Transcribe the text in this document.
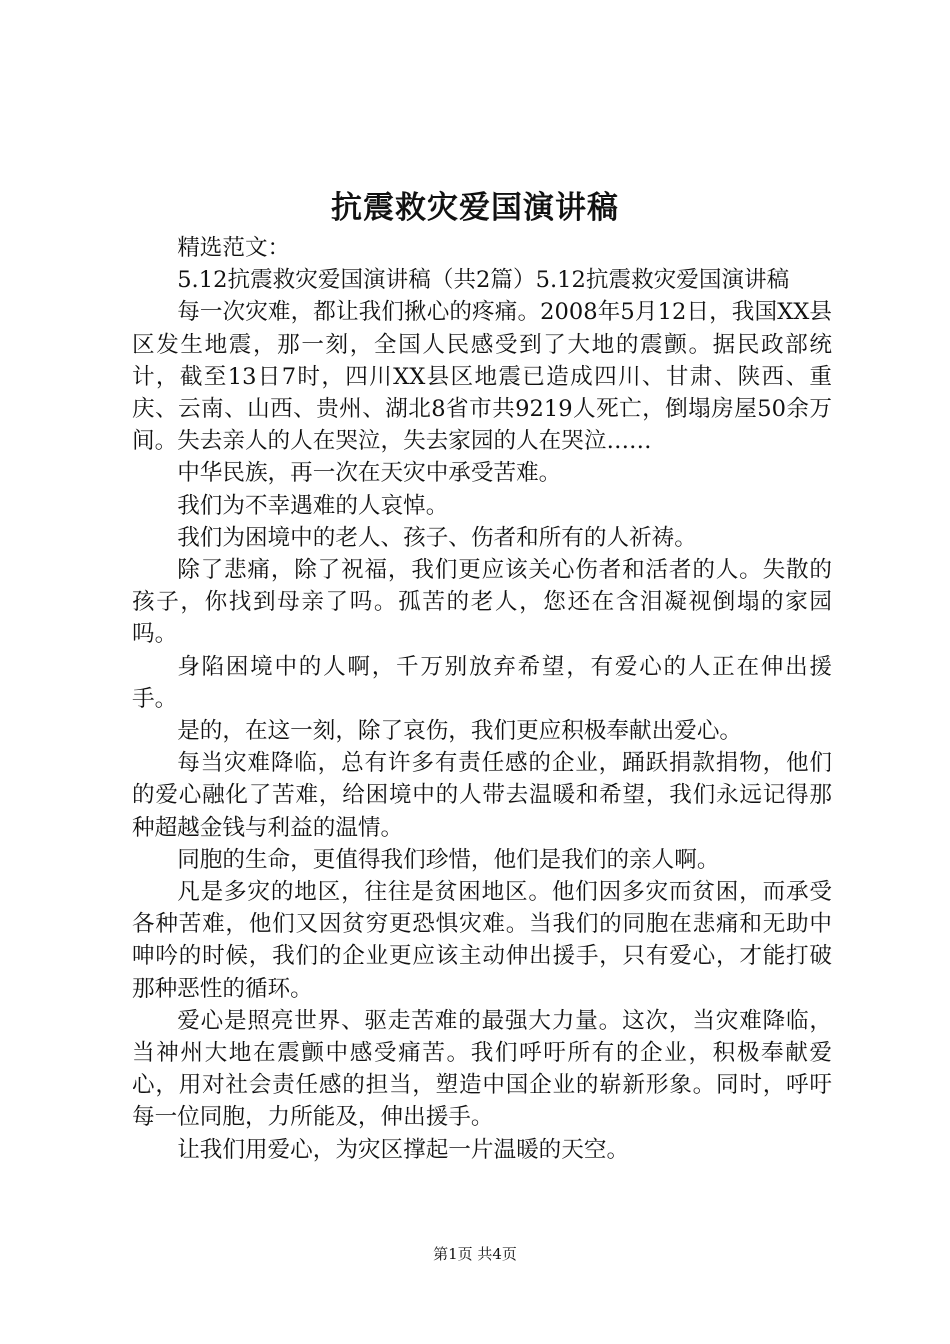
抗震救灾爱国演讲稿

精选范文：

5.12抗震救灾爱国演讲稿（共2篇）5.12抗震救灾爱国演讲稿

每一次灾难，都让我们揪心的疼痛。2008年5月12日，我国XX县区发生地震，那一刻，全国人民感受到了大地的震颤。据民政部统计，截至13日7时，四川XX县区地震已造成四川、甘肃、陕西、重庆、云南、山西、贵州、湖北8省市共9219人死亡，倒塌房屋50余万间。失去亲人的人在哭泣，失去家园的人在哭泣……

中华民族，再一次在天灾中承受苦难。

我们为不幸遇难的人哀悼。

我们为困境中的老人、孩子、伤者和所有的人祈祷。

除了悲痛，除了祝福，我们更应该关心伤者和活者的人。失散的孩子，你找到母亲了吗。孤苦的老人，您还在含泪凝视倒塌的家园吗。

身陷困境中的人啊，千万别放弃希望，有爱心的人正在伸出援手。

是的，在这一刻，除了哀伤，我们更应积极奉献出爱心。

每当灾难降临，总有许多有责任感的企业，踊跃捐款捐物，他们的爱心融化了苦难，给困境中的人带去温暖和希望，我们永远记得那种超越金钱与利益的温情。

同胞的生命，更值得我们珍惜，他们是我们的亲人啊。

凡是多灾的地区，往往是贫困地区。他们因多灾而贫困，而承受各种苦难，他们又因贫穷更恐惧灾难。当我们的同胞在悲痛和无助中呻吟的时候，我们的企业更应该主动伸出援手，只有爱心，才能打破那种恶性的循环。

爱心是照亮世界、驱走苦难的最强大力量。这次，当灾难降临，当神州大地在震颤中感受痛苦。我们呼吁所有的企业，积极奉献爱心，用对社会责任感的担当，塑造中国企业的崭新形象。同时，呼吁每一位同胞，力所能及，伸出援手。

让我们用爱心，为灾区撑起一片温暖的天空。

第1页 共4页
